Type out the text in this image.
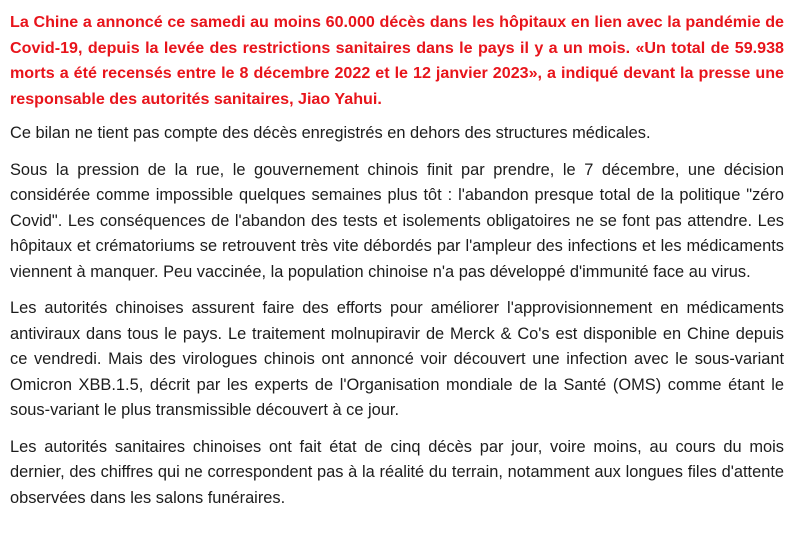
La Chine a annoncé ce samedi au moins 60.000 décès dans les hôpitaux en lien avec la pandémie de Covid-19, depuis la levée des restrictions sanitaires dans le pays il y a un mois. «Un total de 59.938 morts a été recensés entre le 8 décembre 2022 et le 12 janvier 2023», a indiqué devant la presse une responsable des autorités sanitaires, Jiao Yahui.

Ce bilan ne tient pas compte des décès enregistrés en dehors des structures médicales.

Sous la pression de la rue, le gouvernement chinois finit par prendre, le 7 décembre, une décision considérée comme impossible quelques semaines plus tôt : l'abandon presque total de la politique "zéro Covid". Les conséquences de l'abandon des tests et isolements obligatoires ne se font pas attendre. Les hôpitaux et crématoriums se retrouvent très vite débordés par l'ampleur des infections et les médicaments viennent à manquer. Peu vaccinée, la population chinoise n'a pas développé d'immunité face au virus.

Les autorités chinoises assurent faire des efforts pour améliorer l'approvisionnement en médicaments antiviraux dans tous le pays. Le traitement molnupiravir de Merck & Co's est disponible en Chine depuis ce vendredi. Mais des virologues chinois ont annoncé voir découvert une infection avec le sous-variant Omicron XBB.1.5, décrit par les experts de l'Organisation mondiale de la Santé (OMS) comme étant le sous-variant le plus transmissible découvert à ce jour.

Les autorités sanitaires chinoises ont fait état de cinq décès par jour, voire moins, au cours du mois dernier, des chiffres qui ne correspondent pas à la réalité du terrain, notamment aux longues files d'attente observées dans les salons funéraires.
